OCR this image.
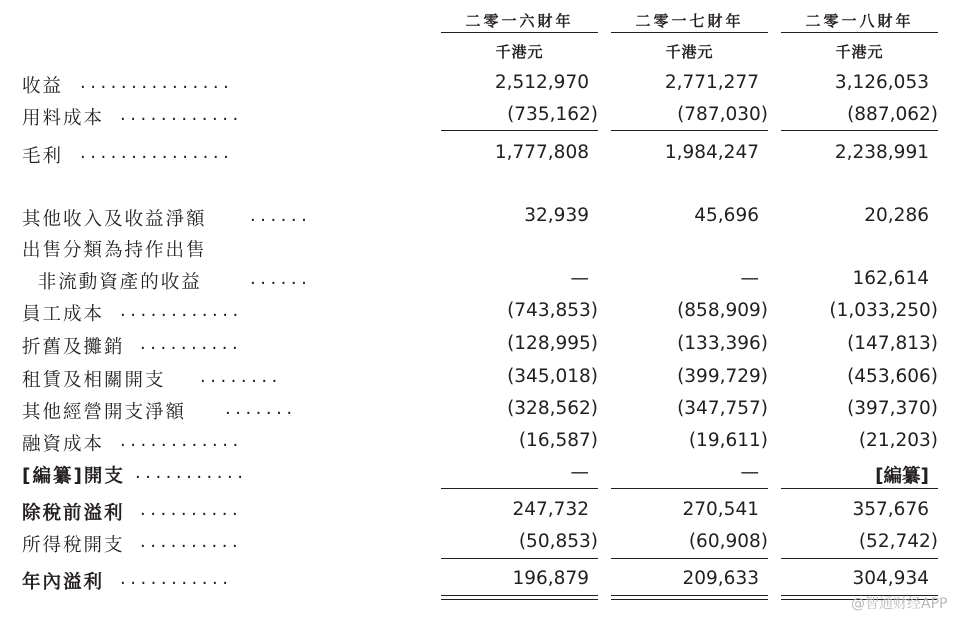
二零一六財年	二零一七財年	二零一八財年
千港元	千港元	千港元
收益 ...............	2,512,970	2,771,277	3,126,053
用料成本 ............	(735,162)	(787,030)	(887,062)
毛利 ...............	1,777,808	1,984,247	2,238,991
其他收入及收益淨額 ......	32,939	45,696	20,286
出售分類為持作出售
非流動資產的收益	......	—	—	162,614
員工成本 ............	(743,853)	(858,909)	(1,033,250)
折舊及攤銷 ..........	(128,995)	(133,396)	(147,813)
租賃及相關開支 ........	(345,018)	(399,729)	(453,606)
其他經營開支淨額 .......	(328,562)	(347,757)	(397,370)
融資成本 ............	(16,587)	(19,611)	(21,203)
[編纂]開支 ...........	—	—	[編纂]
除稅前溢利 ..........	247,732	270,541	357,676
所得稅開支 ..........	(50,853)	(60,908)	(52,742)
年內溢利 ...........	196,879	209,633	304,934
@智通财经APP
